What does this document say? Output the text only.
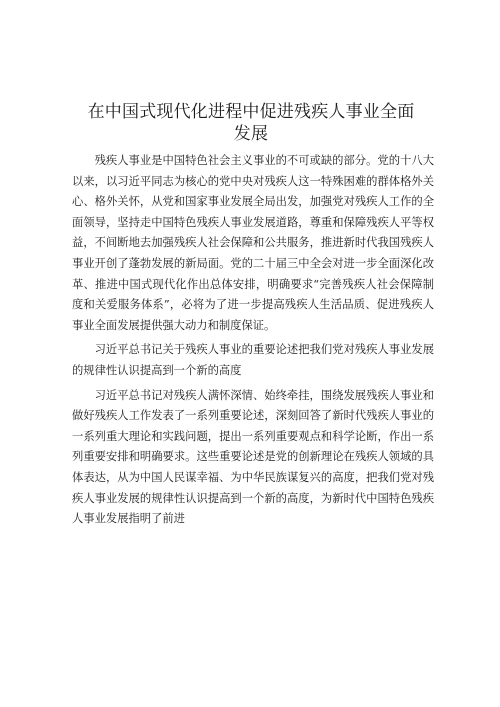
在中国式现代化进程中促进残疾人事业全面发展

残疾人事业是中国特色社会主义事业的不可或缺的部分。党的十八大以来，以习近平同志为核心的党中央对残疾人这一特殊困难的群体格外关心、格外关怀，从党和国家事业发展全局出发，加强党对残疾人工作的全面领导，坚持走中国特色残疾人事业发展道路，尊重和保障残疾人平等权益，不间断地去加强残疾人社会保障和公共服务，推进新时代我国残疾人事业开创了蓬勃发展的新局面。党的二十届三中全会对进一步全面深化改革、推进中国式现代化作出总体安排，明确要求“完善残疾人社会保障制度和关爱服务体系”，必将为了进一步提高残疾人生活品质、促进残疾人事业全面发展提供强大动力和制度保证。

习近平总书记关于残疾人事业的重要论述把我们党对残疾人事业发展的规律性认识提高到一个新的高度

习近平总书记对残疾人满怀深情、始终牵挂，围绕发展残疾人事业和做好残疾人工作发表了一系列重要论述，深刻回答了新时代残疾人事业的一系列重大理论和实践问题，提出一系列重要观点和科学论断，作出一系列重要安排和明确要求。这些重要论述是党的创新理论在残疾人领域的具体表达，从为中国人民谋幸福、为中华民族谋复兴的高度，把我们党对残疾人事业发展的规律性认识提高到一个新的高度，为新时代中国特色残疾人事业发展指明了前进
